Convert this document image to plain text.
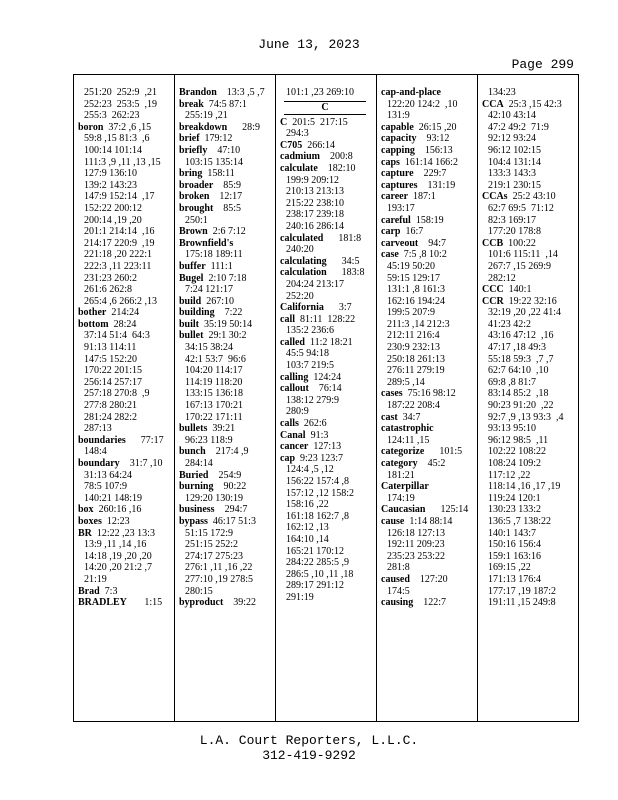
June 13, 2023
Page 299
251:20  252:9  ,21
252:23  253:5  ,19
255:3  262:23
boron  37:2 ,6 ,15
59:8 ,15 81:3  ,6
100:14 101:14
111:3 ,9 ,11 ,13 ,15
127:9 136:10
139:2 143:23
147:9 152:14  ,17
152:22 200:12
200:14 ,19 ,20
201:1 214:14  ,16
214:17 220:9  ,19
221:18 ,20 222:1
222:3 ,11 223:11
231:23 260:2
261:6 262:8
265:4 ,6 266:2 ,13
bother  214:24
bottom  28:24
37:14 51:4  64:3
91:13 114:11
147:5 152:20
170:22 201:15
256:14 257:17
257:18 270:8  ,9
277:8 280:21
281:24 282:2
287:13
boundaries      77:17
148:4
boundary    31:7 ,10
31:13 64:24
78:5 107:9
140:21 148:19
box  260:16 ,16
boxes  12:23
BR  12:22 ,23 13:3
13:9 ,11 ,14 ,16
14:18 ,19 ,20 ,20
14:20 ,20 21:2 ,7
21:19
Brad  7:3
BRADLEY       1:15
Brandon    13:3 ,5 ,7
break  74:5 87:1
255:19 ,21
breakdown      28:9
brief  179:12
briefly    47:10
103:15 135:14
bring  158:11
broader    85:9
broken    12:17
brought    85:5
250:1
Brown  2:6 7:12
Brownfield's
175:18 189:11
buffer  111:1
Bugel  2:10 7:18
7:24 121:17
build  267:10
building    7:22
built  35:19 50:14
bullet  29:1 30:2
34:15 38:24
42:1 53:7  96:6
104:20 114:17
114:19 118:20
133:15 136:18
167:13 170:21
170:22 171:11
bullets  39:21
96:23 118:9
bunch    217:4 ,9
284:14
Buried    254:9
burning    90:22
129:20 130:19
business    294:7
bypass  46:17 51:3
51:15 172:9
251:15 252:2
274:17 275:23
276:1 ,11 ,16 ,22
277:10 ,19 278:5
280:15
byproduct    39:22
101:1 ,23 269:10
C
C  201:5  217:15
294:3
C705  266:14
cadmium    200:8
calculate    182:10
199:9 209:12
210:13 213:13
215:22 238:10
238:17 239:18
240:16 286:14
calculated      181:8
240:20
calculating      34:5
calculation      183:8
204:24 213:17
252:20
California      3:7
call  81:11  128:22
135:2 236:6
called  11:2 18:21
45:5 94:18
103:7 219:5
calling  124:24
callout    76:14
138:12 279:9
280:9
calls  262:6
Canal  91:3
cancer  127:13
cap  9:23 123:7
124:4 ,5 ,12
156:22 157:4 ,8
157:12 ,12 158:2
158:16 ,22
161:18 162:7 ,8
162:12 ,13
164:10 ,14
165:21 170:12
284:22 285:5 ,9
286:5 ,10 ,11 ,18
289:17 291:12
291:19
cap-and-place
122:20 124:2  ,10
131:9
capable  26:15 ,20
capacity    93:12
capping    156:13
caps  161:14 166:2
capture    229:7
captures    131:19
career  187:1
193:17
careful  158:19
carp  16:7
carveout    94:7
case  7:5 ,8 10:2
45:19 50:20
59:15 129:17
131:1 ,8 161:3
162:16 194:24
199:5 207:9
211:3 ,14 212:3
212:11 216:4
230:9 232:13
250:18 261:13
276:11 279:19
289:5 ,14
cases  75:16 98:12
187:22 208:4
cast  34:7
catastrophic
124:11 ,15
categorize      101:5
category    45:2
181:21
Caterpillar
174:19
Caucasian      125:14
cause  1:14 88:14
126:18 127:13
192:11 209:23
235:23 253:22
281:8
caused    127:20
174:5
causing    122:7
134:23
CCA  25:3 ,15 42:3
42:10 43:14
47:2 49:2  71:9
92:12 93:24
96:12 102:15
104:4 131:14
133:3 143:3
219:1 230:15
CCAs  25:2 43:10
62:7 69:5  71:12
82:3 169:17
177:20 178:8
CCB  100:22
101:6 115:11  ,14
267:7 ,15 269:9
282:12
CCC  140:1
CCR  19:22 32:16
32:19 ,20 ,22 41:4
41:23 42:2
43:16 47:12  ,16
47:17 ,18 49:3
55:18 59:3  ,7 ,7
62:7 64:10  ,10
69:8 ,8 81:7
83:14 85:2  ,18
90:23 91:20  ,22
92:7 ,9 ,13 93:3  ,4
93:13 95:10
96:12 98:5  ,11
102:22 108:22
108:24 109:2
117:12 ,22
118:14 ,16 ,17 ,19
119:24 120:1
130:23 133:2
136:5 ,7 138:22
140:1 143:7
150:16 156:4
159:1 163:16
169:15 ,22
171:13 176:4
177:17 ,19 187:2
191:11 ,15 249:8
L.A. Court Reporters, L.L.C.
312-419-9292
